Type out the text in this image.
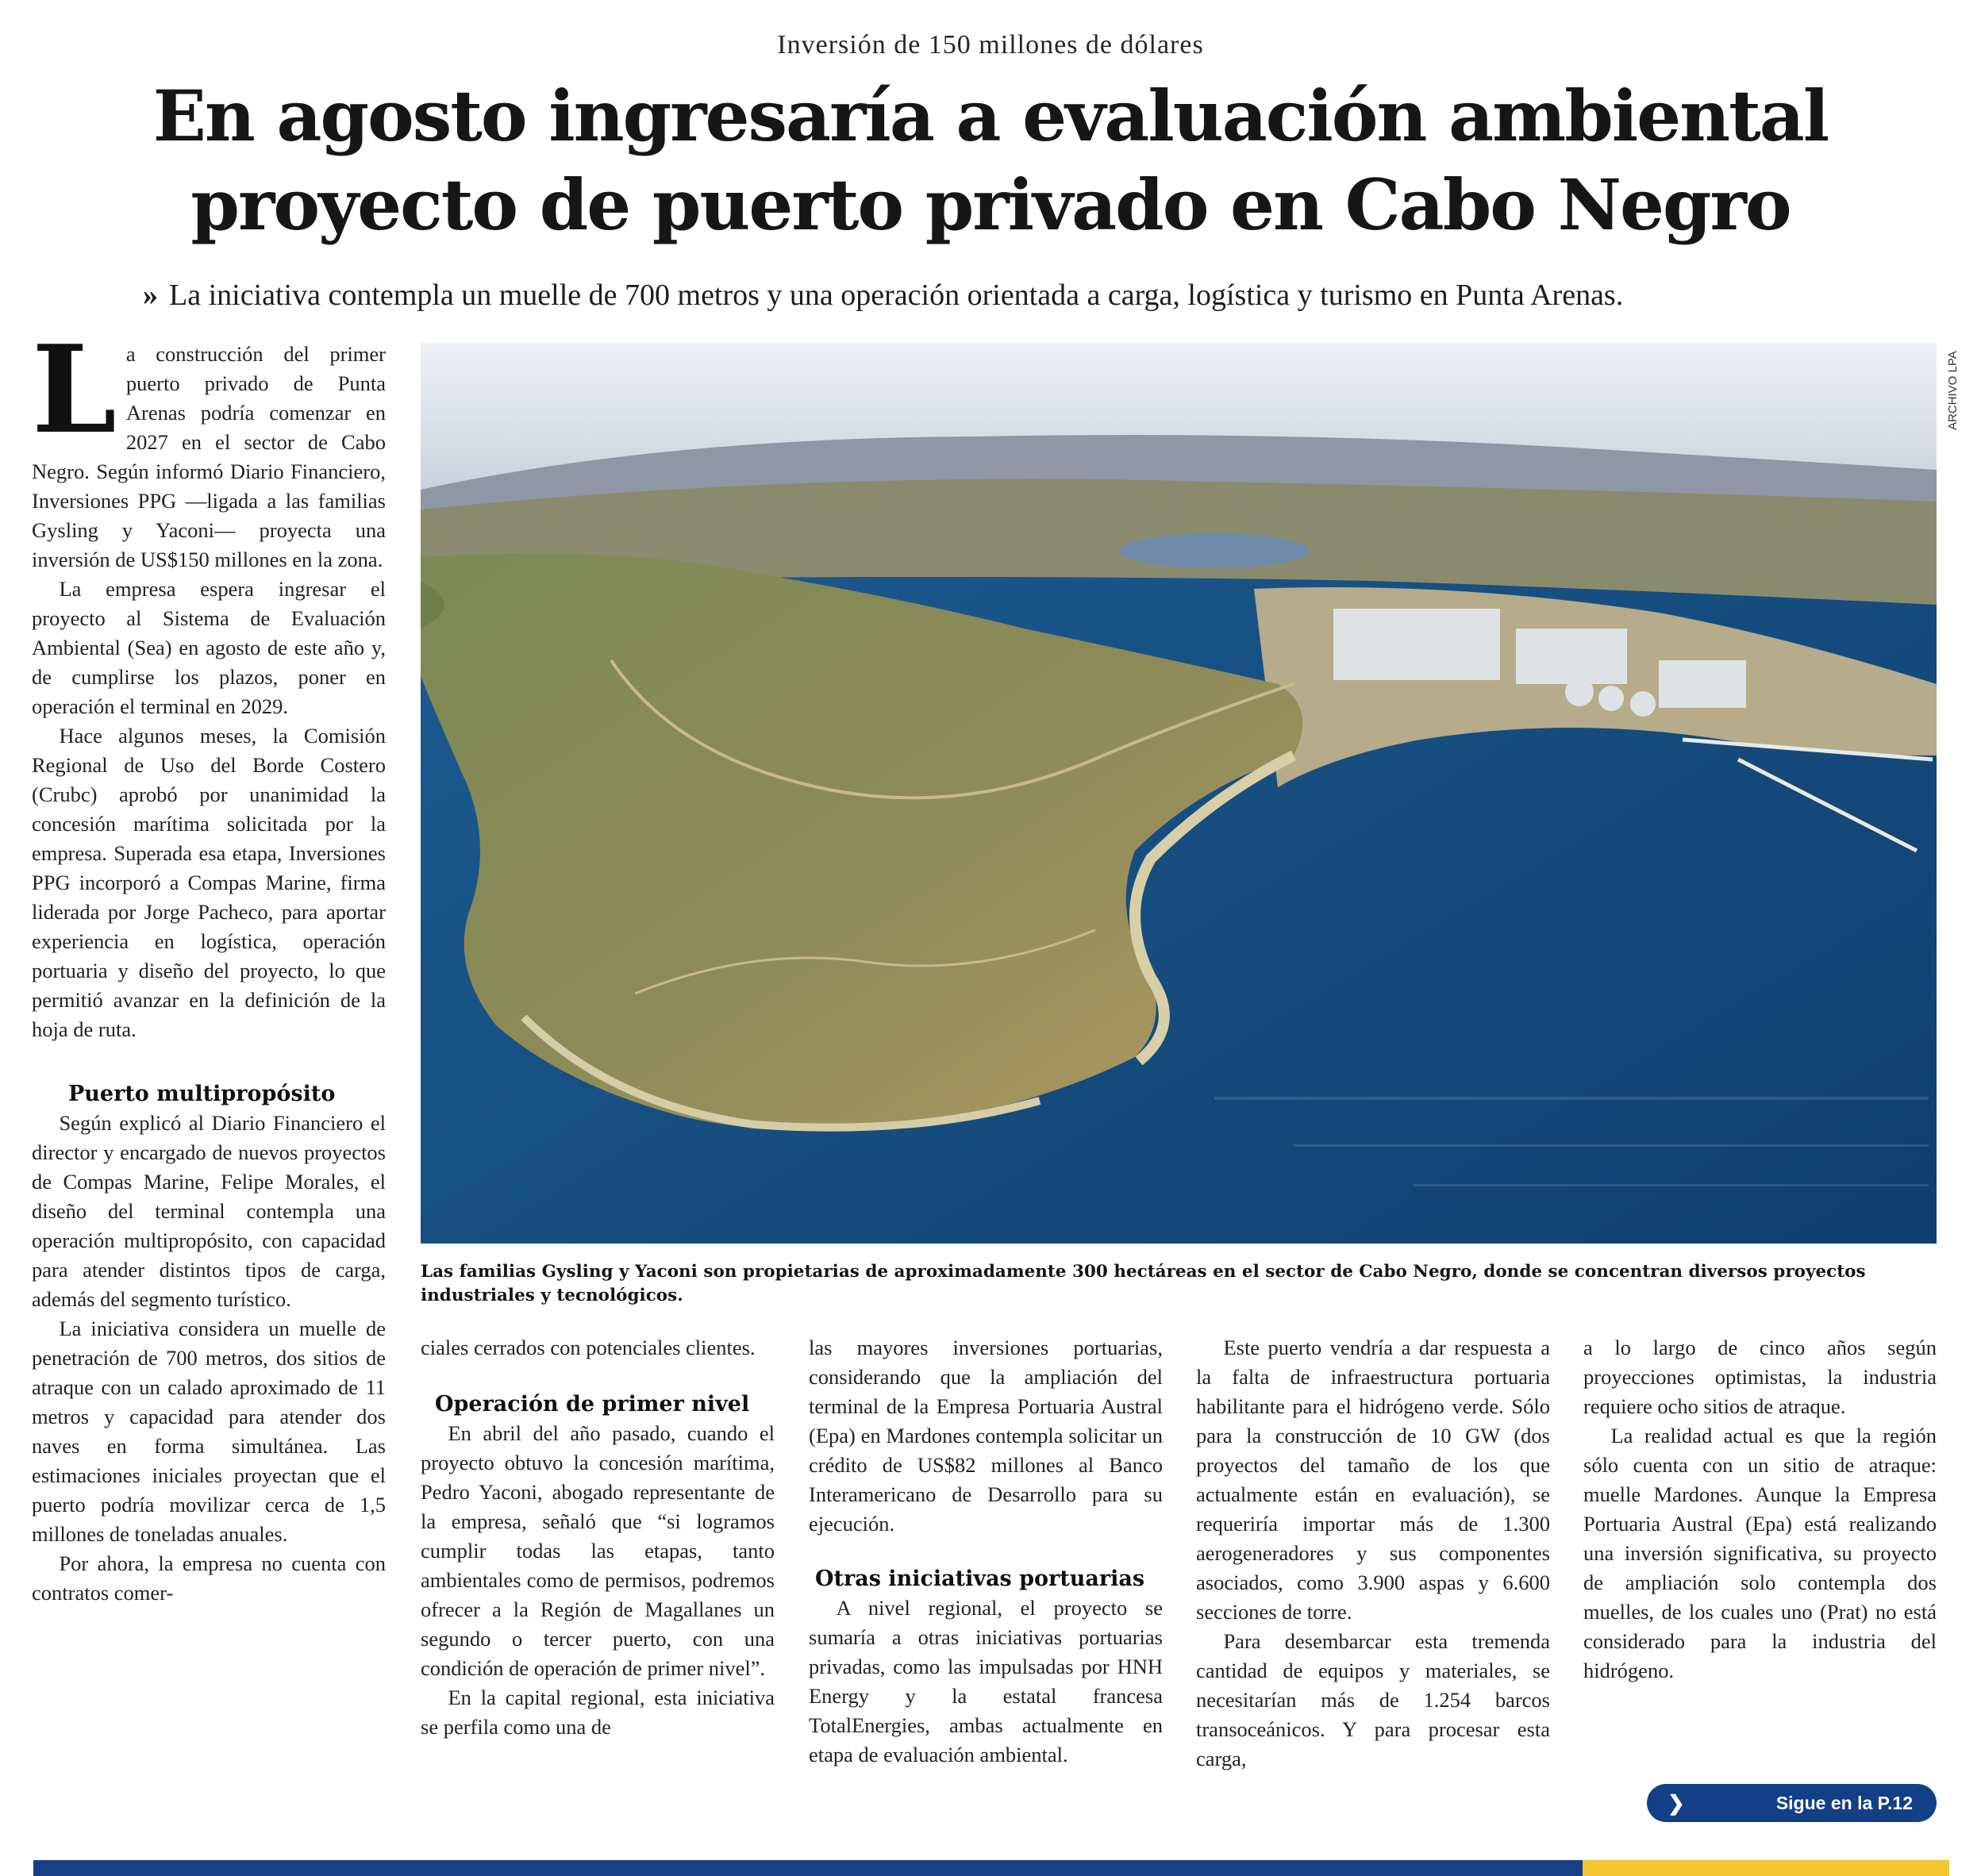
Inversión de 150 millones de dólares
En agosto ingresaría a evaluación ambiental
proyecto de puerto privado en Cabo Negro
» La iniciativa contempla un muelle de 700 metros y una operación orientada a carga, logística y turismo en Punta Arenas.
L a construcción del primer puerto privado de Punta Arenas podría comenzar en 2027 en el sector de Cabo Negro. Según informó Diario Financiero, Inversiones PPG —ligada a las familias Gysling y Yaconi— proyecta una inversión de US$150 millones en la zona.

La empresa espera ingresar el proyecto al Sistema de Evaluación Ambiental (Sea) en agosto de este año y, de cumplirse los plazos, poner en operación el terminal en 2029.

Hace algunos meses, la Comisión Regional de Uso del Borde Costero (Crubc) aprobó por unanimidad la concesión marítima solicitada por la empresa. Superada esa etapa, Inversiones PPG incorporó a Compas Marine, firma liderada por Jorge Pacheco, para aportar experiencia en logística, operación portuaria y diseño del proyecto, lo que permitió avanzar en la definición de la hoja de ruta.

Puerto multipropósito

Según explicó al Diario Financiero el director y encargado de nuevos proyectos de Compas Marine, Felipe Morales, el diseño del terminal contempla una operación multipropósito, con capacidad para atender distintos tipos de carga, además del segmento turístico.

La iniciativa considera un muelle de penetración de 700 metros, dos sitios de atraque con un calado aproximado de 11 metros y capacidad para atender dos naves en forma simultánea. Las estimaciones iniciales proyectan que el puerto podría movilizar cerca de 1,5 millones de toneladas anuales.

Por ahora, la empresa no cuenta con contratos comer-

ARCHIVO LPA
Las familias Gysling y Yaconi son propietarias de aproximadamente 300 hectáreas en el sector de Cabo Negro, donde se concentran diversos proyectos industriales y tecnológicos.

ciales cerrados con potenciales clientes.

Operación de primer nivel

En abril del año pasado, cuando el proyecto obtuvo la concesión marítima, Pedro Yaconi, abogado representante de la empresa, señaló que “si logramos cumplir todas las etapas, tanto ambientales como de permisos, podremos ofrecer a la Región de Magallanes un segundo o tercer puerto, con una condición de operación de primer nivel”.

En la capital regional, esta iniciativa se perfila como una de

las mayores inversiones portuarias, considerando que la ampliación del terminal de la Empresa Portuaria Austral (Epa) en Mardones contempla solicitar un crédito de US$82 millones al Banco Interamericano de Desarrollo para su ejecución.

Otras iniciativas portuarias

A nivel regional, el proyecto se sumaría a otras iniciativas portuarias privadas, como las impulsadas por HNH Energy y la estatal francesa TotalEnergies, ambas actualmente en etapa de evaluación ambiental.

Este puerto vendría a dar respuesta a la falta de infraestructura portuaria habilitante para el hidrógeno verde. Sólo para la construcción de 10 GW (dos proyectos del tamaño de los que actualmente están en evaluación), se requeriría importar más de 1.300 aerogeneradores y sus componentes asociados, como 3.900 aspas y 6.600 secciones de torre.

Para desembarcar esta tremenda cantidad de equipos y materiales, se necesitarían más de 1.254 barcos transoceánicos. Y para procesar esta carga,

a lo largo de cinco años según proyecciones optimistas, la industria requiere ocho sitios de atraque.

La realidad actual es que la región sólo cuenta con un sitio de atraque: muelle Mardones. Aunque la Empresa Portuaria Austral (Epa) está realizando una inversión significativa, su proyecto de ampliación solo contempla dos muelles, de los cuales uno (Prat) no está considerado para la industria del hidrógeno.

❯	Sigue en la P.12
